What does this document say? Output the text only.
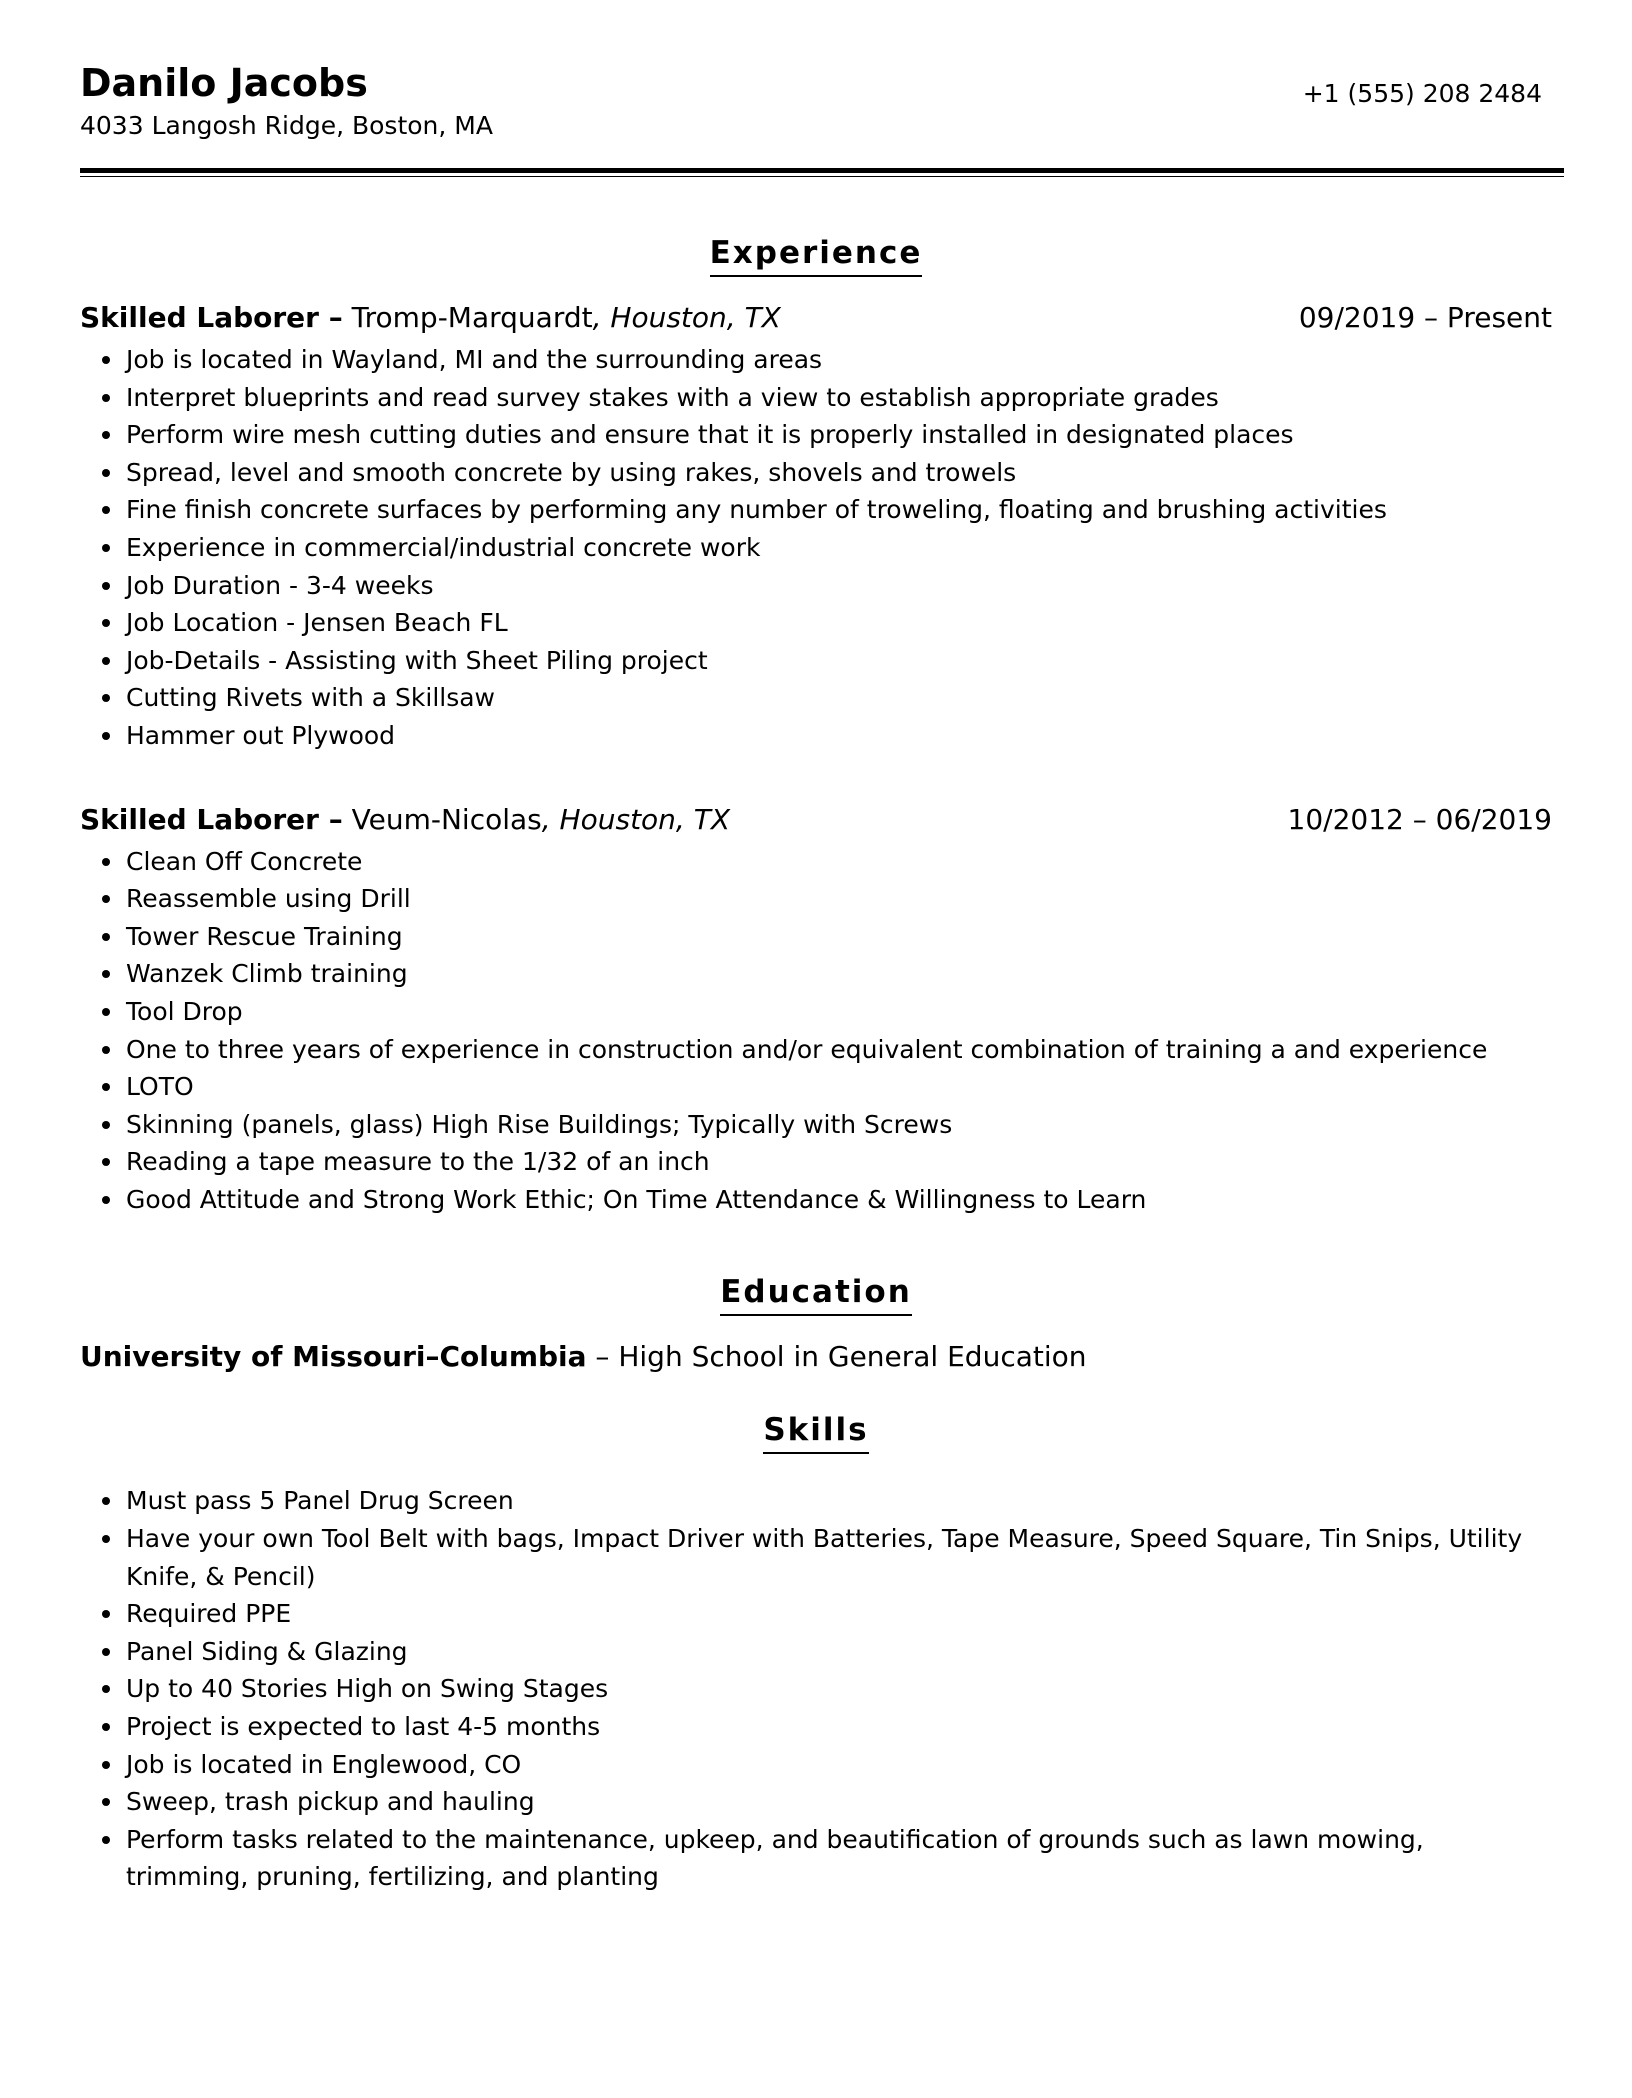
Danilo Jacobs
4033 Langosh Ridge, Boston, MA
+1 (555) 208 2484
Experience
Skilled Laborer – Tromp-Marquardt, Houston, TX	09/2019 – Present
Job is located in Wayland, MI and the surrounding areas
Interpret blueprints and read survey stakes with a view to establish appropriate grades
Perform wire mesh cutting duties and ensure that it is properly installed in designated places
Spread, level and smooth concrete by using rakes, shovels and trowels
Fine finish concrete surfaces by performing any number of troweling, floating and brushing activities
Experience in commercial/industrial concrete work
Job Duration - 3-4 weeks
Job Location - Jensen Beach FL
Job-Details - Assisting with Sheet Piling project
Cutting Rivets with a Skillsaw
Hammer out Plywood
Skilled Laborer – Veum-Nicolas, Houston, TX	10/2012 – 06/2019
Clean Off Concrete
Reassemble using Drill
Tower Rescue Training
Wanzek Climb training
Tool Drop
One to three years of experience in construction and/or equivalent combination of training a and experience
LOTO
Skinning (panels, glass) High Rise Buildings; Typically with Screws
Reading a tape measure to the 1/32 of an inch
Good Attitude and Strong Work Ethic; On Time Attendance & Willingness to Learn
Education
University of Missouri–Columbia – High School in General Education
Skills
Must pass 5 Panel Drug Screen
Have your own Tool Belt with bags, Impact Driver with Batteries, Tape Measure, Speed Square, Tin Snips, Utility Knife, & Pencil)
Required PPE
Panel Siding & Glazing
Up to 40 Stories High on Swing Stages
Project is expected to last 4-5 months
Job is located in Englewood, CO
Sweep, trash pickup and hauling
Perform tasks related to the maintenance, upkeep, and beautification of grounds such as lawn mowing, trimming, pruning, fertilizing, and planting
